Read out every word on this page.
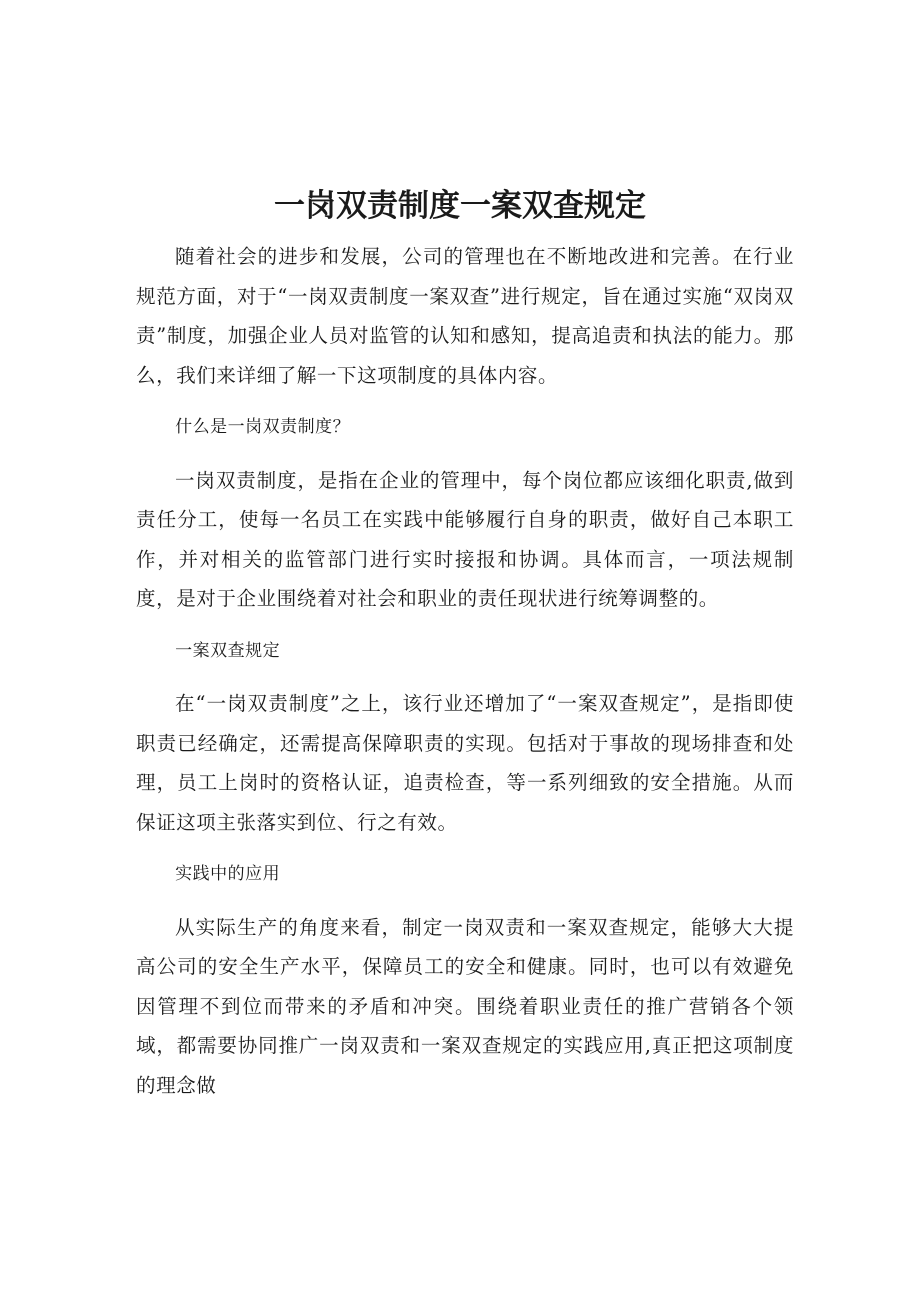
一岗双责制度一案双查规定

随着社会的进步和发展，公司的管理也在不断地改进和完善。在行业规范方面，对于“一岗双责制度一案双查”进行规定，旨在通过实施“双岗双责”制度，加强企业人员对监管的认知和感知，提高追责和执法的能力。那么，我们来详细了解一下这项制度的具体内容。

什么是一岗双责制度？

一岗双责制度，是指在企业的管理中，每个岗位都应该细化职责,做到责任分工，使每一名员工在实践中能够履行自身的职责，做好自己本职工作，并对相关的监管部门进行实时接报和协调。具体而言，一项法规制度，是对于企业围绕着对社会和职业的责任现状进行统筹调整的。

一案双查规定

在“一岗双责制度”之上，该行业还增加了“一案双查规定”，是指即使职责已经确定，还需提高保障职责的实现。包括对于事故的现场排查和处理，员工上岗时的资格认证，追责检查，等一系列细致的安全措施。从而保证这项主张落实到位、行之有效。

实践中的应用

从实际生产的角度来看，制定一岗双责和一案双查规定，能够大大提高公司的安全生产水平，保障员工的安全和健康。同时，也可以有效避免因管理不到位而带来的矛盾和冲突。围绕着职业责任的推广营销各个领域，都需要协同推广一岗双责和一案双查规定的实践应用,真正把这项制度的理念做
